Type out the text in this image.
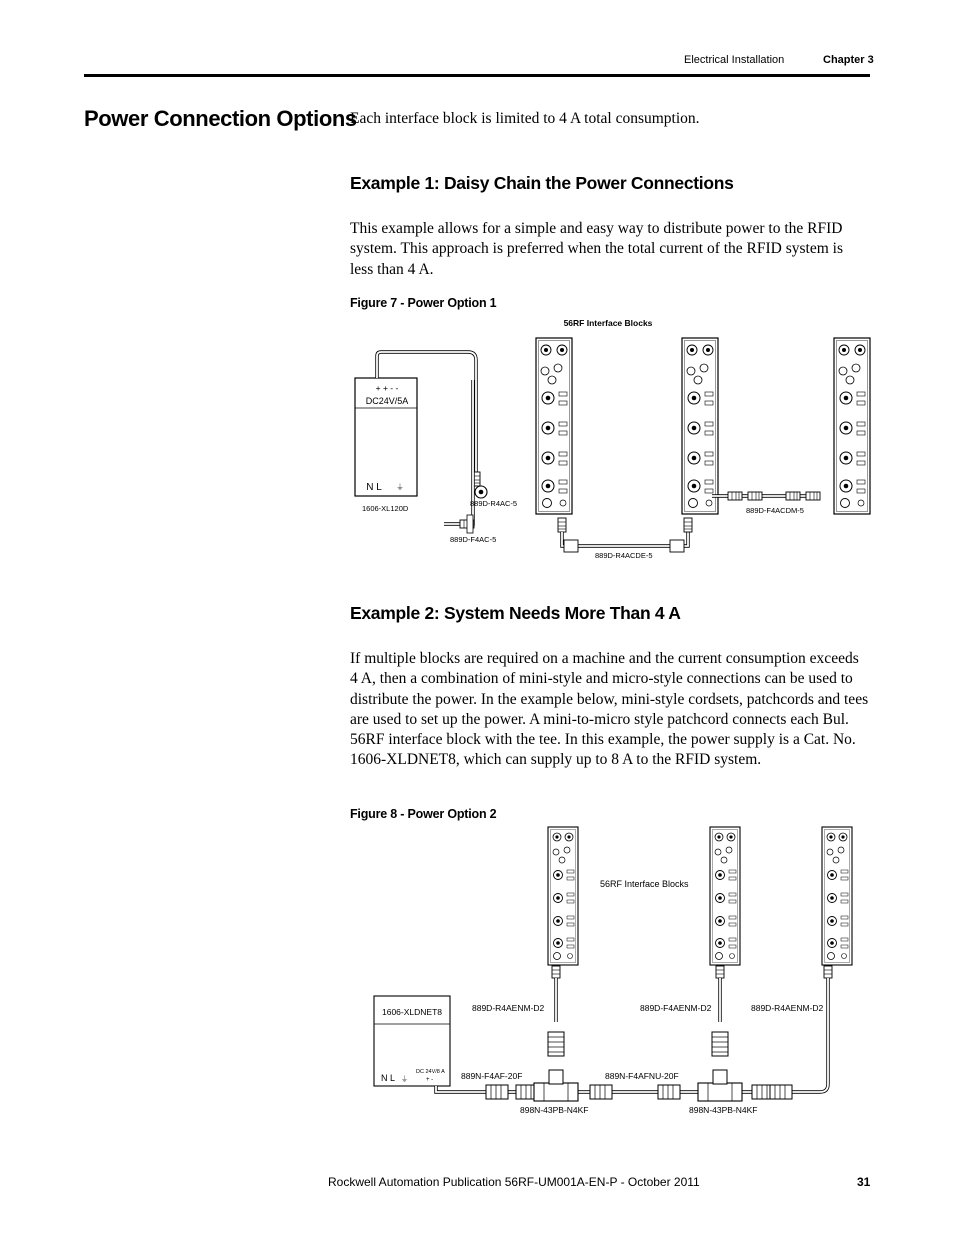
Electrical Installation	Chapter 3
Power Connection Options
Each interface block is limited to 4 A total consumption.
Example 1: Daisy Chain the Power Connections
This example allows for a simple and easy way to distribute power to the RFID system. This approach is preferred when the total current of the RFID system is less than 4 A.
Figure 7 - Power Option 1
56RF Interface Blocks
+ + - -
DC24V/5A
N L ⏚
1606-XL120D
889D-R4AC-5
889D-F4AC-5
889D-R4ACDE-5
889D-F4ACDM-5
Example 2: System Needs More Than 4 A
If multiple blocks are required on a machine and the current consumption exceeds 4 A, then a combination of mini-style and micro-style connections can be used to distribute the power. In the example below, mini-style cordsets, patchcords and tees are used to set up the power. A mini-to-micro style patchcord connects each Bul. 56RF interface block with the tee. In this example, the power supply is a Cat. No. 1606-XLDNET8, which can supply up to 8 A to the RFID system.
Figure 8 - Power Option 2
56RF Interface Blocks
1606-XLDNET8
DC 24V/8 A
+ -
N L ⏚
889D-R4AENM-D2	889D-F4AENM-D2	889D-R4AENM-D2
889N-F4AF-20F	889N-F4AFNU-20F
898N-43PB-N4KF	898N-43PB-N4KF
Rockwell Automation Publication 56RF-UM001A-EN-P - October 2011	31
